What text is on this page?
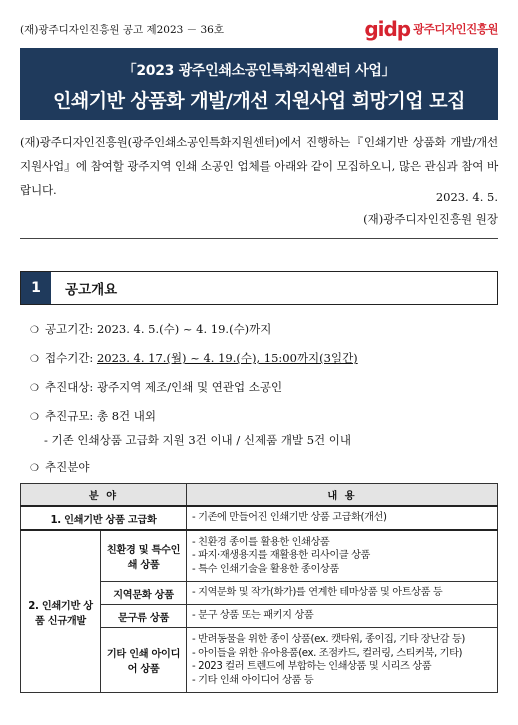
(재)광주디자인진흥원 공고 제2023 － 36호	gidp 광주디자인진흥원
｢2023 광주인쇄소공인특화지원센터 사업｣
인쇄기반 상품화 개발/개선 지원사업 희망기업 모집
(재)광주디자인진흥원(광주인쇄소공인특화지원센터)에서 진행하는『인쇄기반 상품화 개발/개선 지원사업』에 참여할 광주지역 인쇄 소공인 업체를 아래와 같이 모집하오니, 많은 관심과 참여 바랍니다.	2023. 4. 5.
(재)광주디자인진흥원 원장
1	공고개요
❍ 공고기간: 2023. 4. 5.(수) ~ 4. 19.(수)까지
❍ 접수기간: 2023. 4. 17.(월) ~ 4. 19.(수), 15:00까지(3일간)
❍ 추진대상: 광주지역 제조/인쇄 및 연관업 소공인
❍ 추진규모: 총 8건 내외
- 기존 인쇄상품 고급화 지원 3건 이내 / 신제품 개발 5건 이내
❍ 추진분야
분 야		내 용
1. 인쇄기반 상품 고급화		- 기존에 만들어진 인쇄기반 상품 고급화(개선)

2. 인쇄기반 상품 신규개발	친환경 및 특수인쇄 상품	- 친환경 종이를 활용한 인쇄상품
- 파지·재생용지를 재활용한 리사이클 상품
- 특수 인쇄기술을 활용한 종이상품

	지역문화 상품	- 지역문화 및 작가(화가)를 연계한 테마상품 및 아트상품 등

	문구류 상품	- 문구 상품 또는 패키지 상품

	기타 인쇄 아이디어 상품	- 반려동물을 위한 종이 상품(ex. 캣타워, 종이집, 기타 장난감 등)
- 아이들을 위한 유아용품(ex. 조점카드, 컬러링, 스티커북, 기타)
- 2023 컬러 트렌드에 부합하는 인쇄상품 및 시리즈 상품
- 기타 인쇄 아이디어 상품 등
